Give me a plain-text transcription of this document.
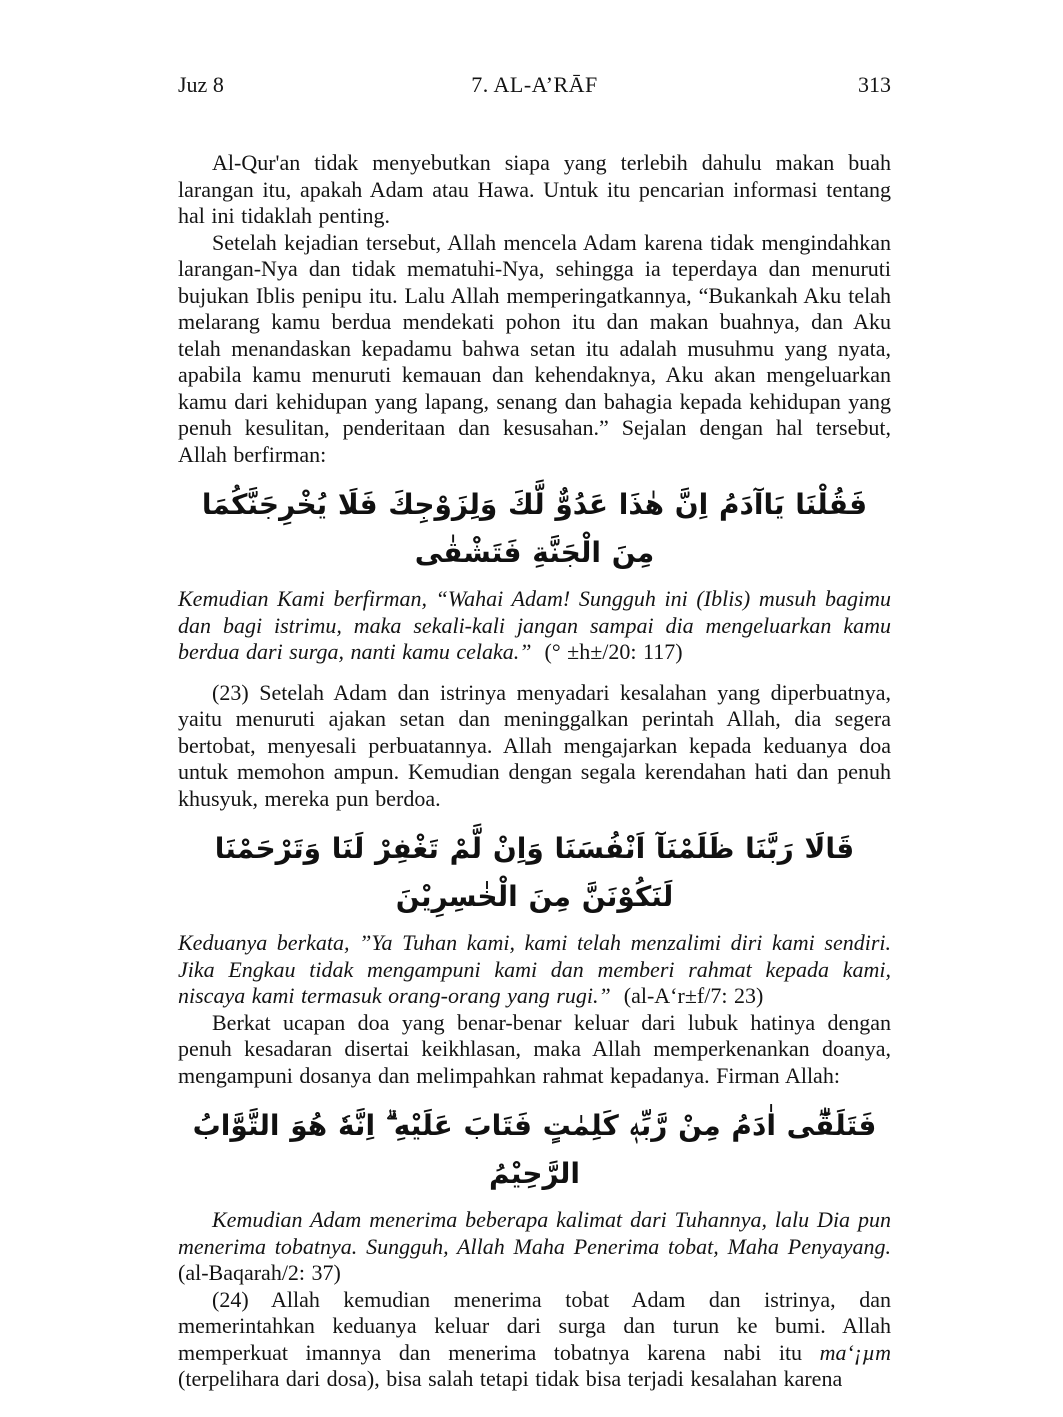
Juz 8	7. AL-A’RĀF	313

Al-Qur'an tidak menyebutkan siapa yang terlebih dahulu makan buah larangan itu, apakah Adam atau Hawa. Untuk itu pencarian informasi tentang hal ini tidaklah penting.

Setelah kejadian tersebut, Allah mencela Adam karena tidak mengindahkan larangan-Nya dan tidak mematuhi-Nya, sehingga ia teperdaya dan menuruti bujukan Iblis penipu itu. Lalu Allah memperingatkannya, “Bukankah Aku telah melarang kamu berdua mendekati pohon itu dan makan buahnya, dan Aku telah menandaskan kepadamu bahwa setan itu adalah musuhmu yang nyata, apabila kamu menuruti kemauan dan kehendaknya, Aku akan mengeluarkan kamu dari kehidupan yang lapang, senang dan bahagia kepada kehidupan yang penuh kesulitan, penderitaan dan kesusahan.” Sejalan dengan hal tersebut, Allah berfirman:

فَقُلْنَا يَاآدَمُ اِنَّ هٰذَا عَدُوٌّ لَّكَ وَلِزَوْجِكَ فَلَا يُخْرِجَنَّكُمَا مِنَ الْجَنَّةِ فَتَشْقٰى

Kemudian Kami berfirman, “Wahai Adam! Sungguh ini (Iblis) musuh bagimu dan bagi istrimu, maka sekali-kali jangan sampai dia mengeluarkan kamu berdua dari surga, nanti kamu celaka.” (° ±h±/20: 117)

(23) Setelah Adam dan istrinya menyadari kesalahan yang diperbuatnya, yaitu menuruti ajakan setan dan meninggalkan perintah Allah, dia segera bertobat, menyesali perbuatannya. Allah mengajarkan kepada keduanya doa untuk memohon ampun. Kemudian dengan segala kerendahan hati dan penuh khusyuk, mereka pun berdoa.

قَالَا رَبَّنَا ظَلَمْنَآ اَنْفُسَنَا وَاِنْ لَّمْ تَغْفِرْ لَنَا وَتَرْحَمْنَا لَنَكُوْنَنَّ مِنَ الْخٰسِرِيْنَ

Keduanya berkata, ”Ya Tuhan kami, kami telah menzalimi diri kami sendiri. Jika Engkau tidak mengampuni kami dan memberi rahmat kepada kami, niscaya kami termasuk orang-orang yang rugi.” (al-A‘r±f/7: 23)

Berkat ucapan doa yang benar-benar keluar dari lubuk hatinya dengan penuh kesadaran disertai keikhlasan, maka Allah memperkenankan doanya, mengampuni dosanya dan melimpahkan rahmat kepadanya. Firman Allah:

فَتَلَقّٰٓى اٰدَمُ مِنْ رَّبِّهٖ كَلِمٰتٍ فَتَابَ عَلَيْهِ ۗ اِنَّهٗ هُوَ التَّوَّابُ الرَّحِيْمُ

Kemudian Adam menerima beberapa kalimat dari Tuhannya, lalu Dia pun menerima tobatnya. Sungguh, Allah Maha Penerima tobat, Maha Penyayang. (al-Baqarah/2: 37)

(24) Allah kemudian menerima tobat Adam dan istrinya, dan memerintahkan keduanya keluar dari surga dan turun ke bumi. Allah memperkuat imannya dan menerima tobatnya karena nabi itu ma‘¡µm (terpelihara dari dosa), bisa salah tetapi tidak bisa terjadi kesalahan karena
